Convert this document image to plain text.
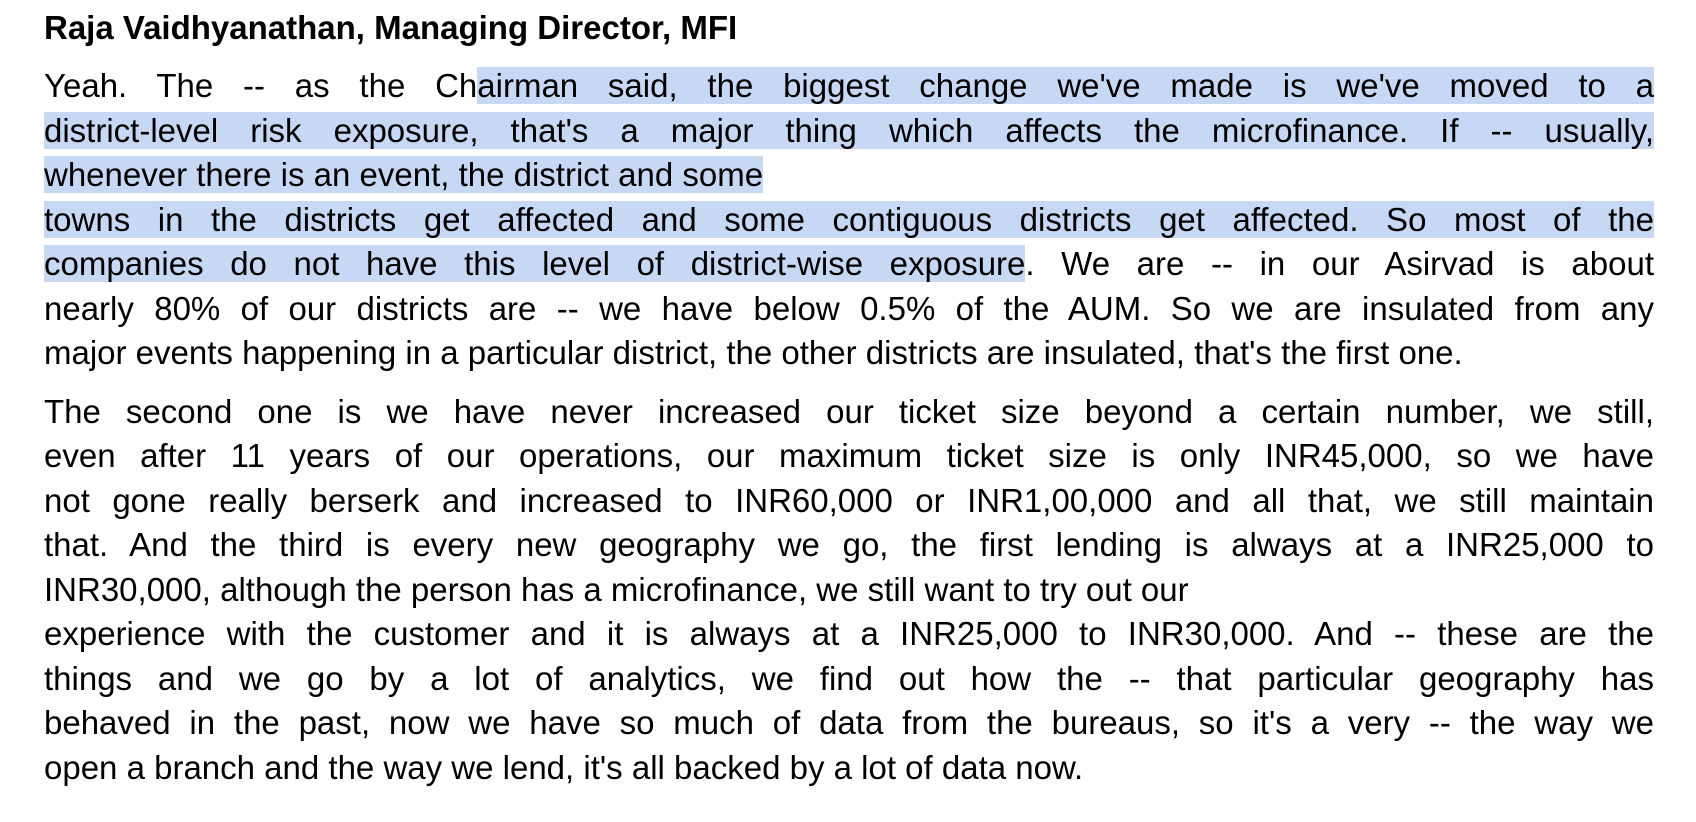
Raja Vaidhyanathan, Managing Director, MFI

Yeah. The -- as the Chairman said, the biggest change we've made is we've moved to a
district-level risk exposure, that's a major thing which affects the microfinance. If -- usually,
whenever there is an event, the district and some
towns in the districts get affected and some contiguous districts get affected. So most of the
companies do not have this level of district-wise exposure. We are -- in our Asirvad is about
nearly 80% of our districts are -- we have below 0.5% of the AUM. So we are insulated from any
major events happening in a particular district, the other districts are insulated, that's the first one.

The second one is we have never increased our ticket size beyond a certain number, we still,
even after 11 years of our operations, our maximum ticket size is only INR45,000, so we have
not gone really berserk and increased to INR60,000 or INR1,00,000 and all that, we still maintain
that. And the third is every new geography we go, the first lending is always at a INR25,000 to
INR30,000, although the person has a microfinance, we still want to try out our
experience with the customer and it is always at a INR25,000 to INR30,000. And -- these are the
things and we go by a lot of analytics, we find out how the -- that particular geography has
behaved in the past, now we have so much of data from the bureaus, so it's a very -- the way we
open a branch and the way we lend, it's all backed by a lot of data now.
